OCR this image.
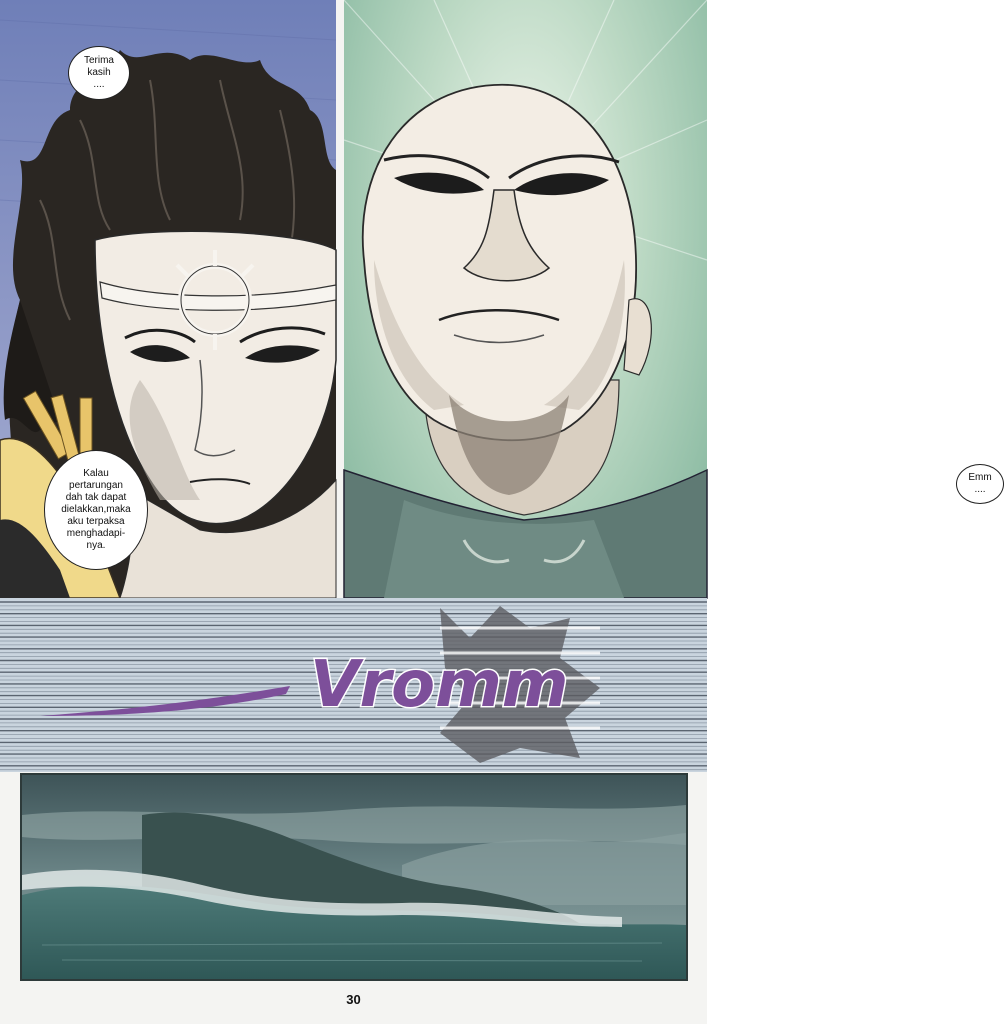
Terima
kasih
....
Kalau
pertarungan
dah tak dapat
dielakkan,maka
aku terpaksa
menghadapi-
nya.
Emm
....
Vromm
30
